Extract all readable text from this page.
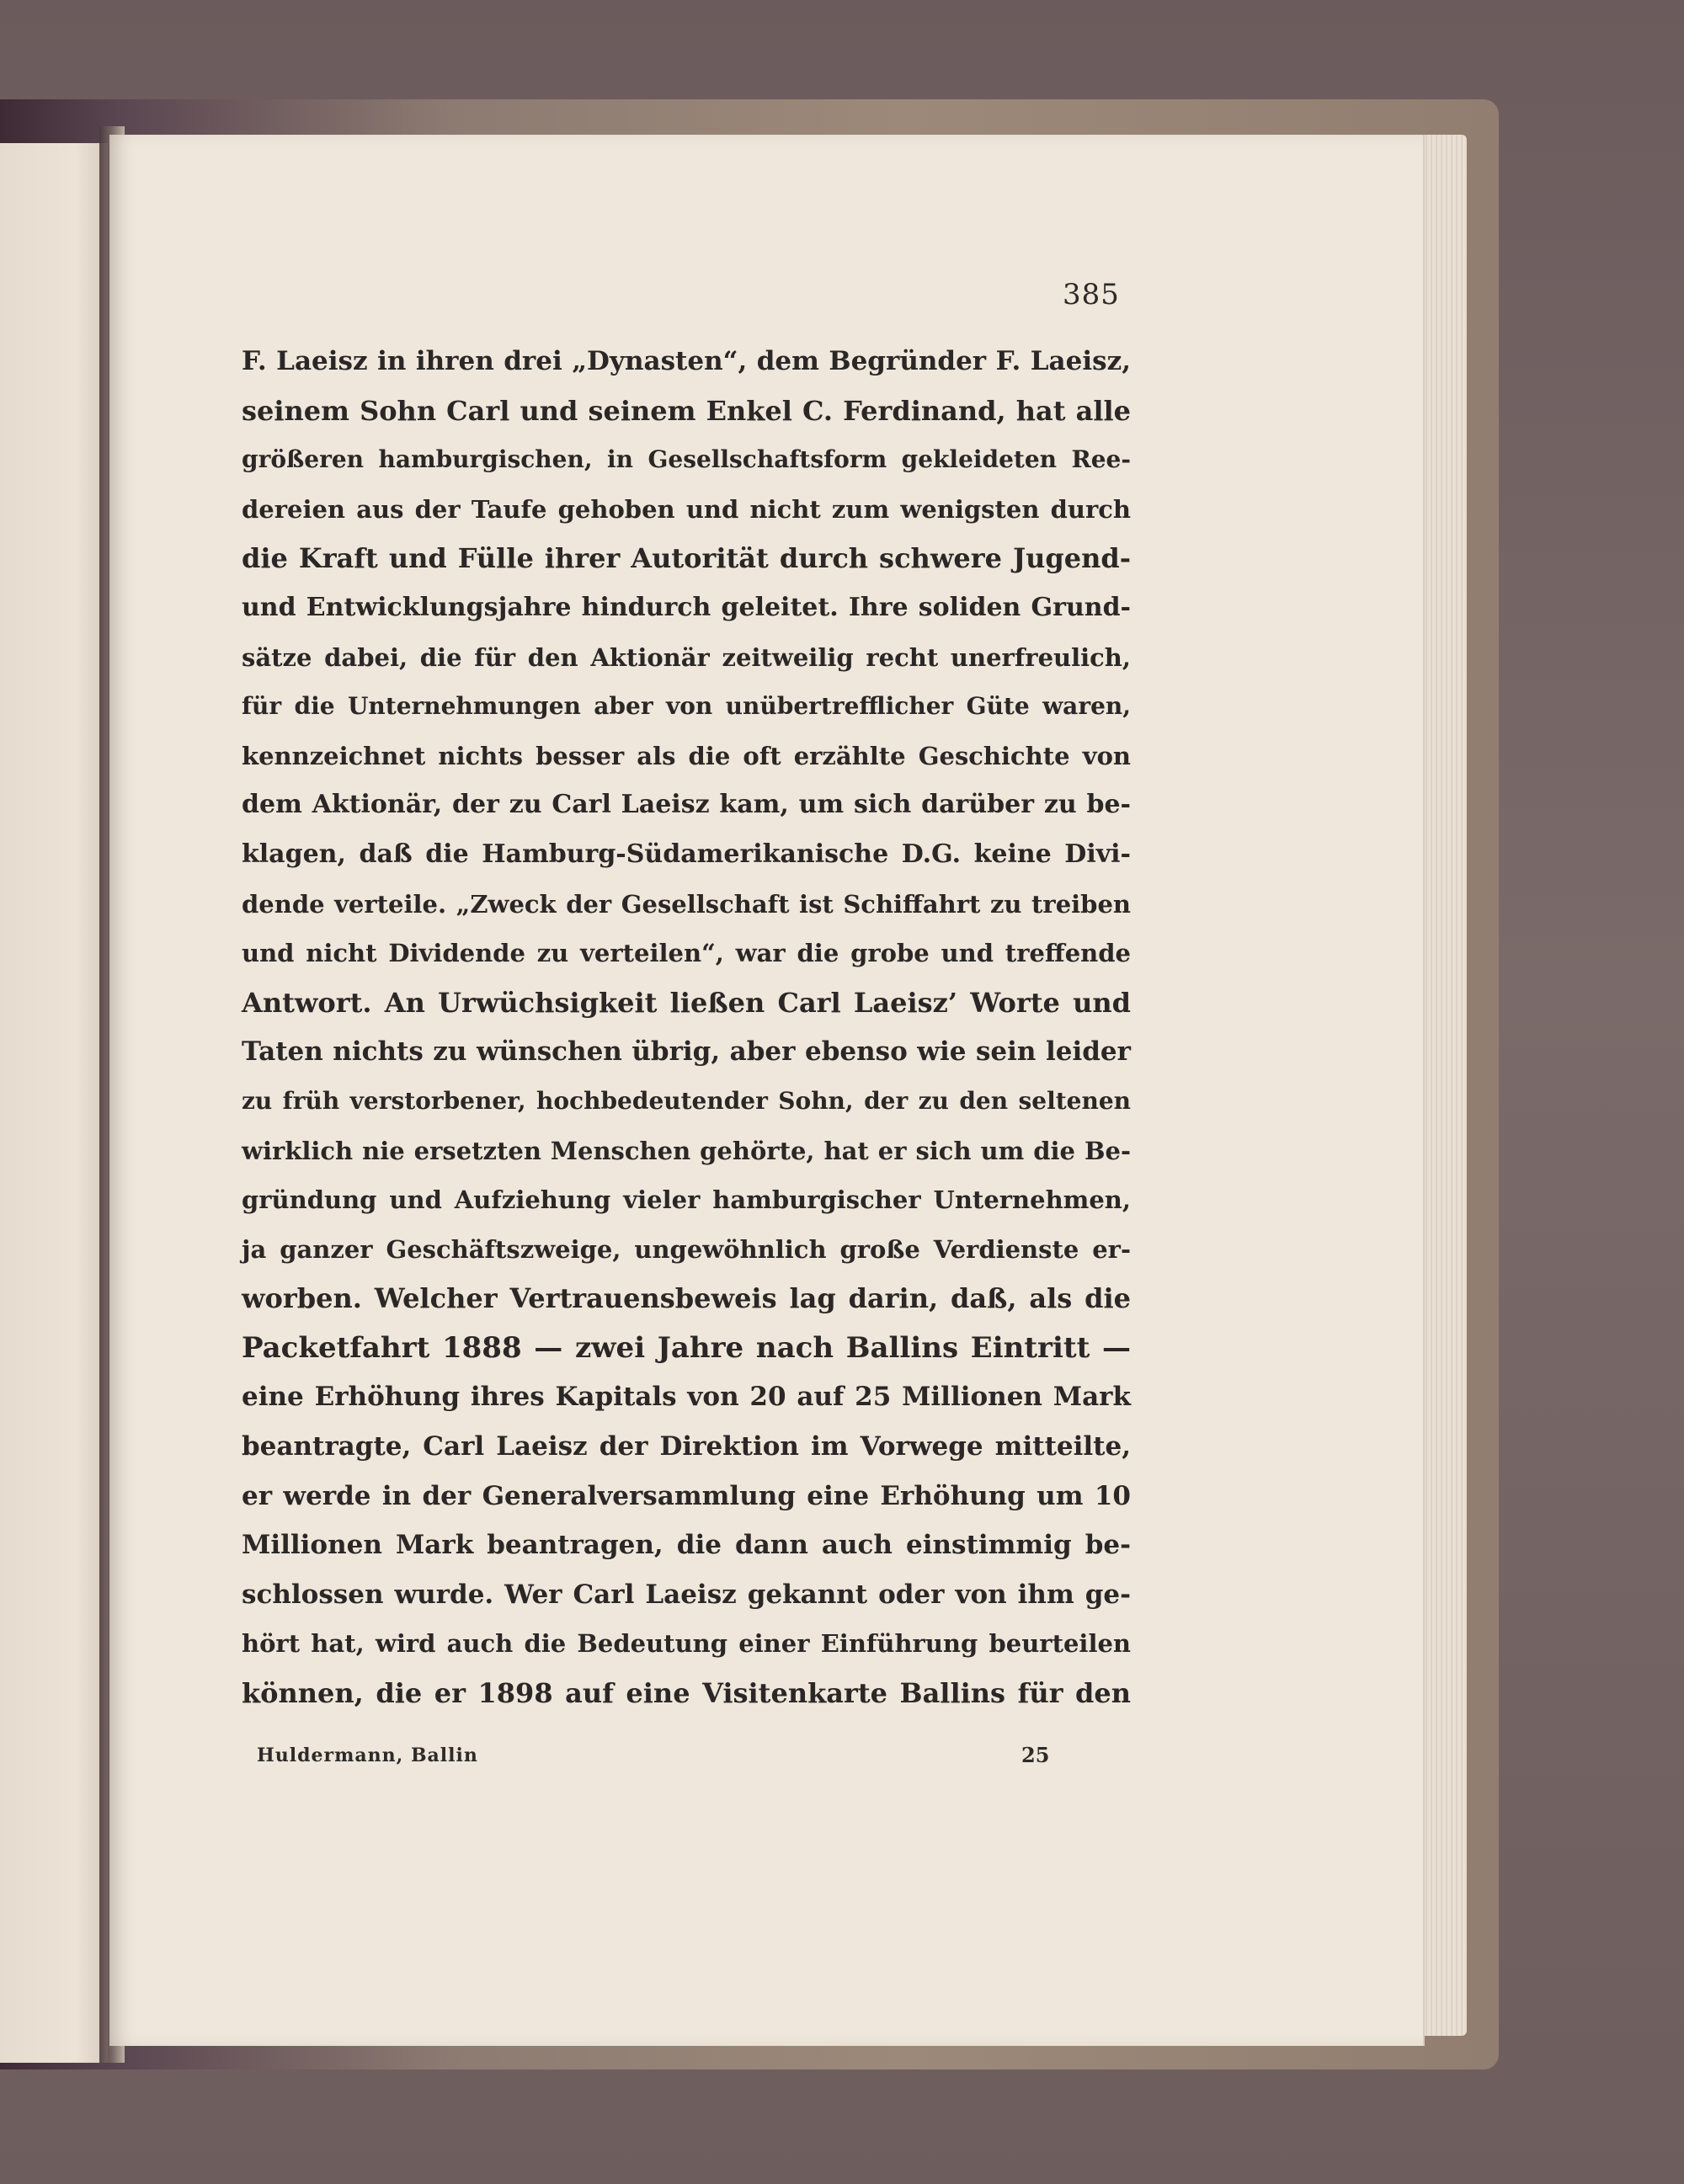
385
F. Laeisz in ihren drei „Dynasten“, dem Begründer F. Laeisz,
seinem Sohn Carl und seinem Enkel C. Ferdinand, hat alle
größeren hamburgischen, in Gesellschaftsform gekleideten Ree-
dereien aus der Taufe gehoben und nicht zum wenigsten durch
die Kraft und Fülle ihrer Autorität durch schwere Jugend-
und Entwicklungsjahre hindurch geleitet. Ihre soliden Grund-
sätze dabei, die für den Aktionär zeitweilig recht unerfreulich,
für die Unternehmungen aber von unübertrefflicher Güte waren,
kennzeichnet nichts besser als die oft erzählte Geschichte von
dem Aktionär, der zu Carl Laeisz kam, um sich darüber zu be-
klagen, daß die Hamburg-Südamerikanische D.G. keine Divi-
dende verteile. „Zweck der Gesellschaft ist Schiffahrt zu treiben
und nicht Dividende zu verteilen“, war die grobe und treffende
Antwort. An Urwüchsigkeit ließen Carl Laeisz’ Worte und
Taten nichts zu wünschen übrig, aber ebenso wie sein leider
zu früh verstorbener, hochbedeutender Sohn, der zu den seltenen
wirklich nie ersetzten Menschen gehörte, hat er sich um die Be-
gründung und Aufziehung vieler hamburgischer Unternehmen,
ja ganzer Geschäftszweige, ungewöhnlich große Verdienste er-
worben. Welcher Vertrauensbeweis lag darin, daß, als die
Packetfahrt 1888 — zwei Jahre nach Ballins Eintritt —
eine Erhöhung ihres Kapitals von 20 auf 25 Millionen Mark
beantragte, Carl Laeisz der Direktion im Vorwege mitteilte,
er werde in der Generalversammlung eine Erhöhung um 10
Millionen Mark beantragen, die dann auch einstimmig be-
schlossen wurde. Wer Carl Laeisz gekannt oder von ihm ge-
hört hat, wird auch die Bedeutung einer Einführung beurteilen
können, die er 1898 auf eine Visitenkarte Ballins für den
Huldermann, Ballin	25
